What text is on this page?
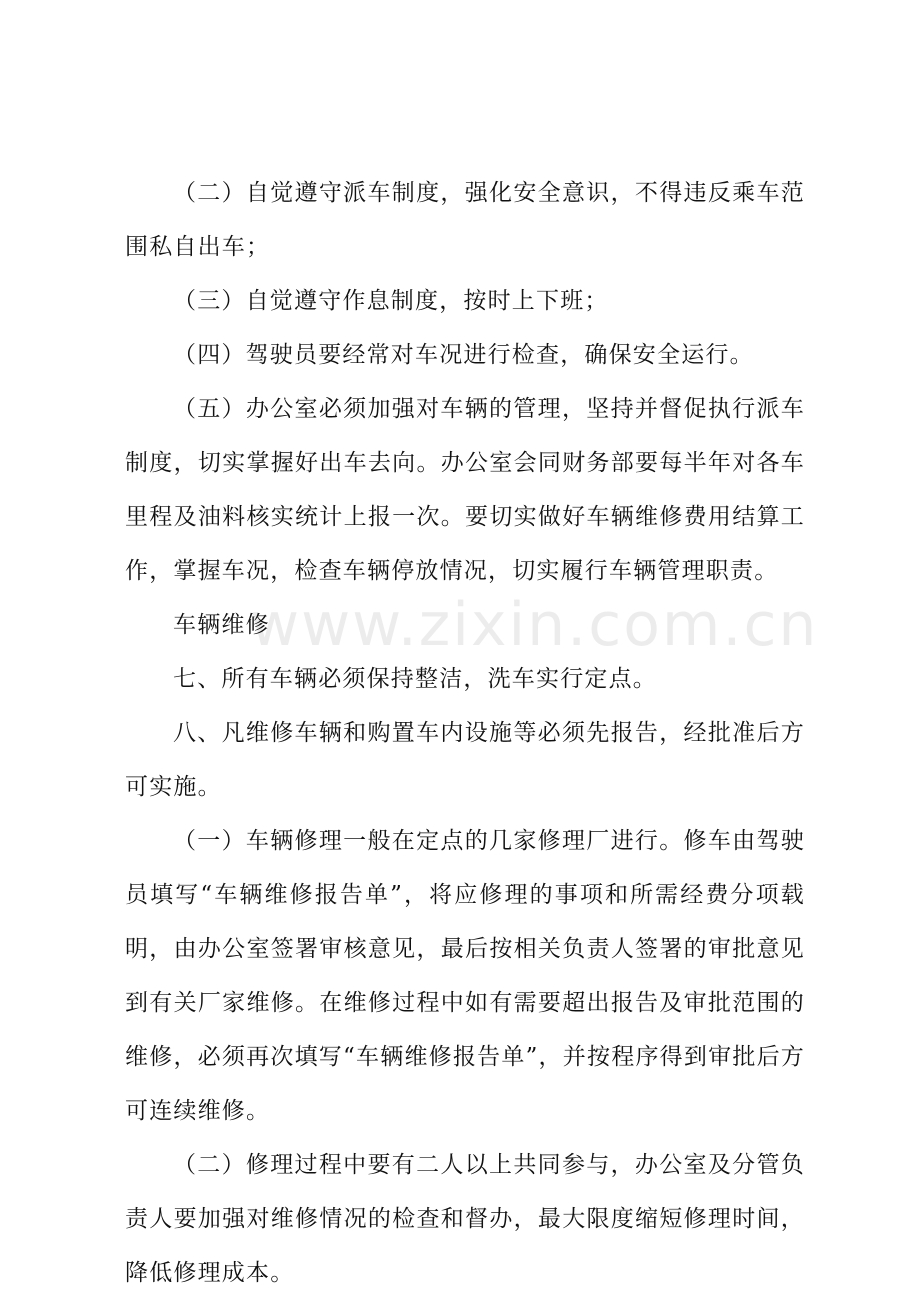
www.zixin.com.cn

（二）自觉遵守派车制度，强化安全意识，不得违反乘车范围私自出车；

（三）自觉遵守作息制度，按时上下班；

（四）驾驶员要经常对车况进行检查，确保安全运行。

（五）办公室必须加强对车辆的管理，坚持并督促执行派车制度，切实掌握好出车去向。办公室会同财务部要每半年对各车里程及油料核实统计上报一次。要切实做好车辆维修费用结算工作，掌握车况，检查车辆停放情况，切实履行车辆管理职责。

车辆维修

七、所有车辆必须保持整洁，洗车实行定点。

八、凡维修车辆和购置车内设施等必须先报告，经批准后方可实施。

（一）车辆修理一般在定点的几家修理厂进行。修车由驾驶员填写“车辆维修报告单”，将应修理的事项和所需经费分项载明，由办公室签署审核意见，最后按相关负责人签署的审批意见到有关厂家维修。在维修过程中如有需要超出报告及审批范围的维修，必须再次填写“车辆维修报告单”，并按程序得到审批后方可连续维修。

（二）修理过程中要有二人以上共同参与，办公室及分管负责人要加强对维修情况的检查和督办，最大限度缩短修理时间，降低修理成本。
